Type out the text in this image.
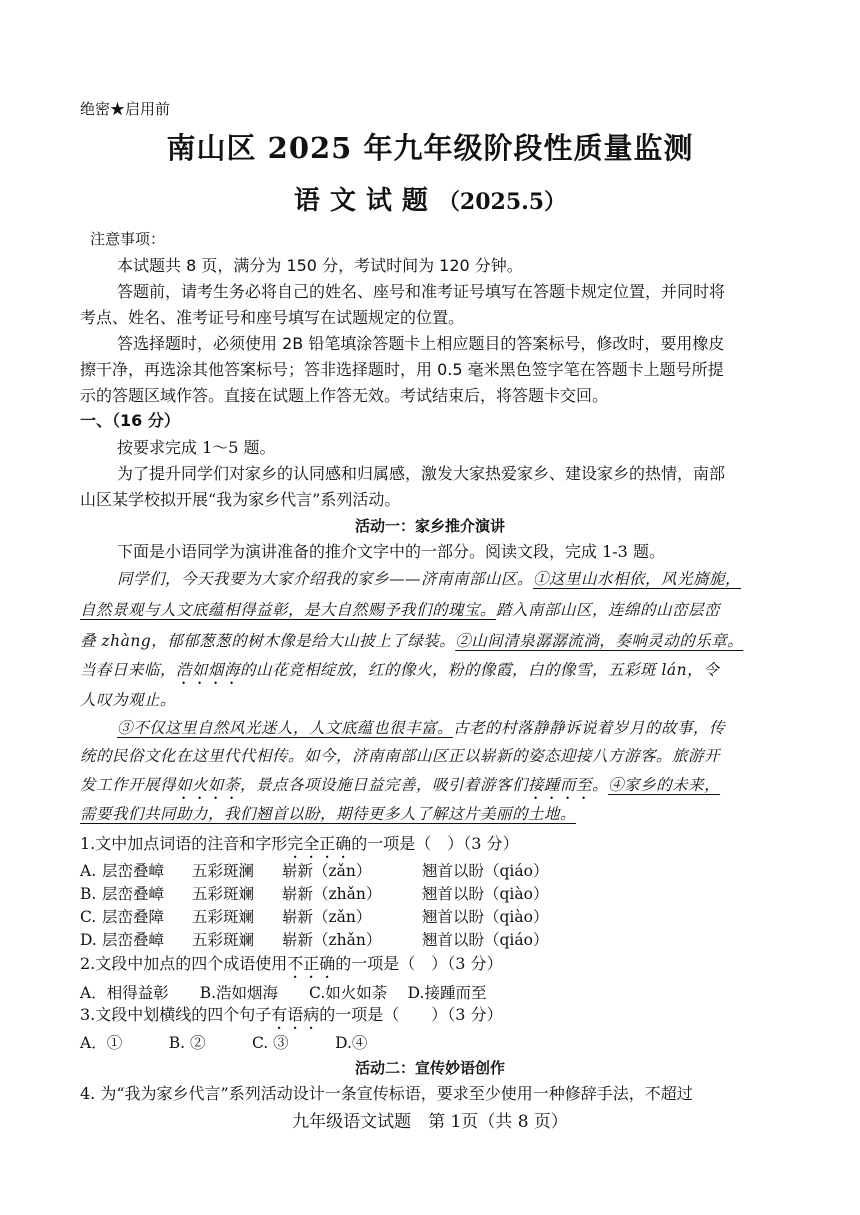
绝密★启用前
南山区 2025 年九年级阶段性质量监测
语文试题（2025.5）
注意事项：
本试题共 8 页，满分为 150 分，考试时间为 120 分钟。
答题前，请考生务必将自己的姓名、座号和准考证号填写在答题卡规定位置，并同时将
考点、姓名、准考证号和座号填写在试题规定的位置。
答选择题时，必须使用 2B 铅笔填涂答题卡上相应题目的答案标号，修改时，要用橡皮
擦干净，再选涂其他答案标号；答非选择题时，用 0.5 毫米黑色签字笔在答题卡上题号所提
示的答题区域作答。直接在试题上作答无效。考试结束后，将答题卡交回。
一、（16 分）
按要求完成 1～5 题。
为了提升同学们对家乡的认同感和归属感，激发大家热爱家乡、建设家乡的热情，南部
山区某学校拟开展“我为家乡代言”系列活动。
活动一：家乡推介演讲
下面是小语同学为演讲准备的推介文字中的一部分。阅读文段，完成 1-3 题。
同学们，今天我要为大家介绍我的家乡——济南南部山区。①这里山水相依，风光旖旎，
自然景观与人文底蕴相得益彰，是大自然赐予我们的瑰宝。踏入南部山区，连绵的山峦层峦
叠 zhàng，郁郁葱葱的树木像是给大山披上了绿装。②山间清泉潺潺流淌，奏响灵动的乐章。
当春日来临，浩如烟海的山花竞相绽放，红的像火，粉的像霞，白的像雪，五彩斑 lán，令
人叹为观止。
③不仅这里自然风光迷人，人文底蕴也很丰富。古老的村落静静诉说着岁月的故事，传
统的民俗文化在这里代代相传。如今，济南南部山区正以崭新的姿态迎接八方游客。旅游开
发工作开展得如火如荼，景点各项设施日益完善，吸引着游客们接踵而至。④家乡的未来，
需要我们共同助力，我们翘首以盼，期待更多人了解这片美丽的土地。
1.文中加点词语的注音和字形完全正确的一项是（　）（3 分）
A. 层峦叠嶂 五彩斑澜 崭新（zǎn）	翘首以盼（qiáo）
B. 层峦叠嶂 五彩斑斓 崭新（zhǎn）	翘首以盼（qiào）
C. 层峦叠障 五彩斑斓 崭新（zǎn）	翘首以盼（qiào）
D. 层峦叠嶂 五彩斑斓 崭新（zhǎn）	翘首以盼（qiáo）
2.文段中加点的四个成语使用不正确的一项是（　）（3 分）
A．相得益彰　　B.浩如烟海　　C.如火如荼　 D.接踵而至
3.文段中划横线的四个句子有语病的一项是（　　）（3 分）
A．①　　　B. ②　　　C. ③　　　D.④
活动二：宣传妙语创作
4. 为“我为家乡代言”系列活动设计一条宣传标语，要求至少使用一种修辞手法，不超过
九年级语文试题　第 1页（共 8 页）
